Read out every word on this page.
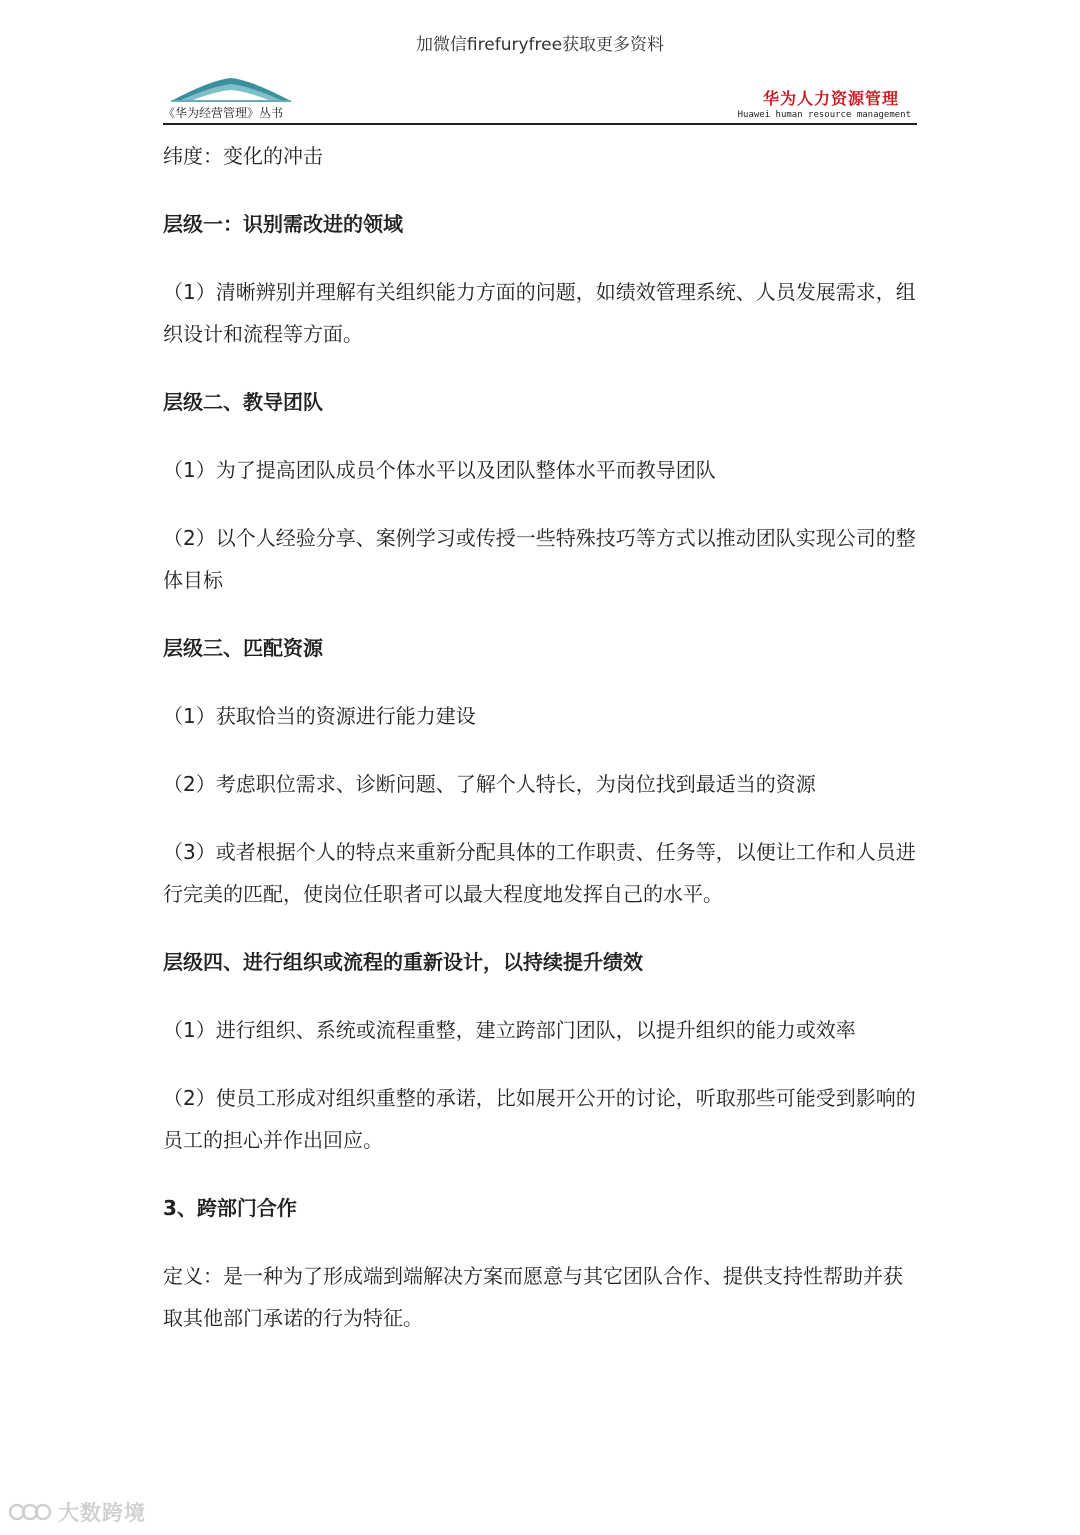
加微信firefuryfree获取更多资料
《华为经营管理》丛书
华为人力资源管理
Huawei human resource management

纬度：变化的冲击

层级一：识别需改进的领域

（1）清晰辨别并理解有关组织能力方面的问题，如绩效管理系统、人员发展需求，组织设计和流程等方面。

层级二、教导团队

（1）为了提高团队成员个体水平以及团队整体水平而教导团队

（2）以个人经验分享、案例学习或传授一些特殊技巧等方式以推动团队实现公司的整体目标

层级三、匹配资源

（1）获取恰当的资源进行能力建设

（2）考虑职位需求、诊断问题、了解个人特长，为岗位找到最适当的资源

（3）或者根据个人的特点来重新分配具体的工作职责、任务等，以便让工作和人员进行完美的匹配，使岗位任职者可以最大程度地发挥自己的水平。

层级四、进行组织或流程的重新设计，以持续提升绩效

（1）进行组织、系统或流程重整，建立跨部门团队，以提升组织的能力或效率

（2）使员工形成对组织重整的承诺，比如展开公开的讨论，听取那些可能受到影响的员工的担心并作出回应。

3、跨部门合作

定义：是一种为了形成端到端解决方案而愿意与其它团队合作、提供支持性帮助并获取其他部门承诺的行为特征。

大数跨境
